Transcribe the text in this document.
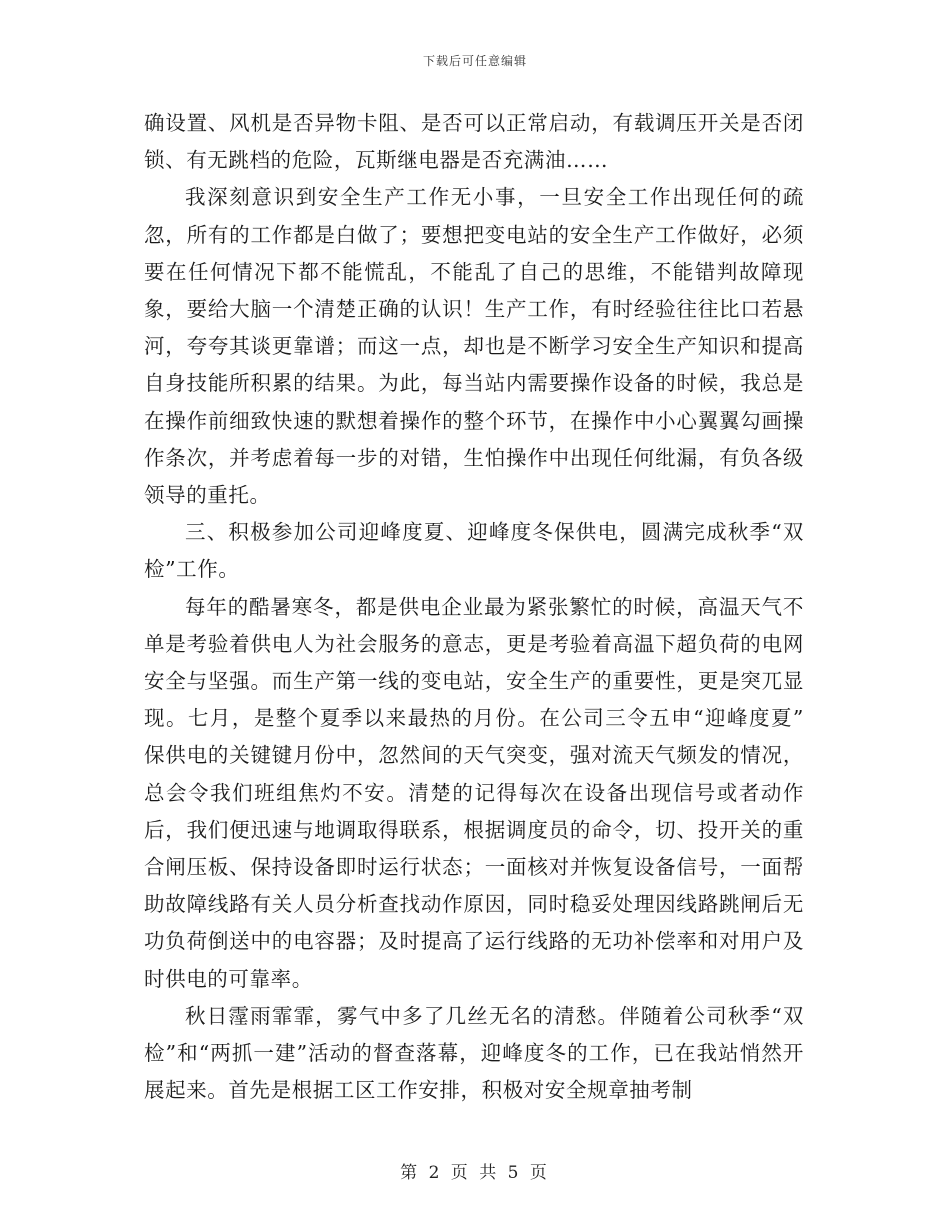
下载后可任意编辑

确设置、风机是否异物卡阻、是否可以正常启动，有载调压开关是否闭锁、有无跳档的危险，瓦斯继电器是否充满油……

我深刻意识到安全生产工作无小事，一旦安全工作出现任何的疏忽，所有的工作都是白做了；要想把变电站的安全生产工作做好，必须要在任何情况下都不能慌乱，不能乱了自己的思维，不能错判故障现象，要给大脑一个清楚正确的认识！生产工作，有时经验往往比口若悬河，夸夸其谈更靠谱；而这一点，却也是不断学习安全生产知识和提高自身技能所积累的结果。为此，每当站内需要操作设备的时候，我总是在操作前细致快速的默想着操作的整个环节，在操作中小心翼翼勾画操作条次，并考虑着每一步的对错，生怕操作中出现任何纰漏，有负各级领导的重托。

三、积极参加公司迎峰度夏、迎峰度冬保供电，圆满完成秋季“双检”工作。

每年的酷暑寒冬，都是供电企业最为紧张繁忙的时候，高温天气不单是考验着供电人为社会服务的意志，更是考验着高温下超负荷的电网安全与坚强。而生产第一线的变电站，安全生产的重要性，更是突兀显现。七月，是整个夏季以来最热的月份。在公司三令五申“迎峰度夏” 保供电的关键键月份中，忽然间的天气突变，强对流天气频发的情况，总会令我们班组焦灼不安。清楚的记得每次在设备出现信号或者动作后，我们便迅速与地调取得联系，根据调度员的命令，切、投开关的重合闸压板、保持设备即时运行状态；一面核对并恢复设备信号，一面帮助故障线路有关人员分析查找动作原因，同时稳妥处理因线路跳闸后无功负荷倒送中的电容器；及时提高了运行线路的无功补偿率和对用户及时供电的可靠率。

秋日霪雨霏霏，雾气中多了几丝无名的清愁。伴随着公司秋季“双检”和“两抓一建”活动的督查落幕，迎峰度冬的工作，已在我站悄然开展起来。首先是根据工区工作安排，积极对安全规章抽考制

第 2 页 共 5 页
